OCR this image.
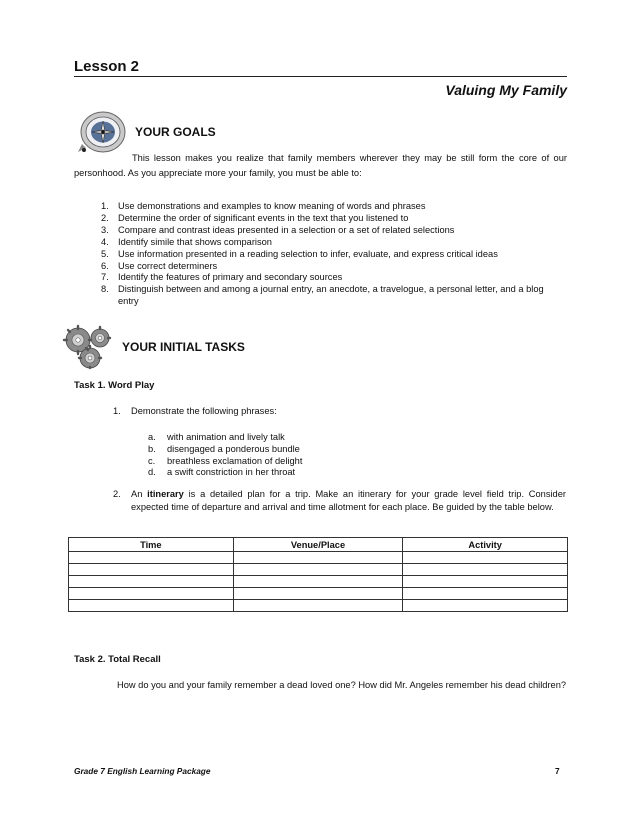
Lesson 2
Valuing My Family
YOUR GOALS
This lesson makes you realize that family members wherever they may be still form the core of our personhood. As you appreciate more your family, you must be able to:
1. Use demonstrations and examples to know meaning of words and phrases
2. Determine the order of significant events in the text that you listened to
3. Compare and contrast ideas presented in a selection or a set of related selections
4. Identify simile that shows comparison
5. Use information presented in a reading selection to infer, evaluate, and express critical ideas
6. Use correct determiners
7. Identify the features of primary and secondary sources
8. Distinguish between and among a journal entry, an anecdote, a travelogue, a personal letter, and a blog entry
YOUR INITIAL TASKS
Task 1. Word Play
1. Demonstrate the following phrases:
a.	with animation and lively talk
b.	disengaged a ponderous bundle
c.	breathless exclamation of delight
d.	a swift constriction in her throat
2. An itinerary is a detailed plan for a trip. Make an itinerary for your grade level field trip. Consider expected time of departure and arrival and time allotment for each place. Be guided by the table below.
Time	Venue/Place	Activity

Task 2. Total Recall
How do you and your family remember a dead loved one? How did Mr. Angeles remember his dead children?
Grade 7 English Learning Package	7
